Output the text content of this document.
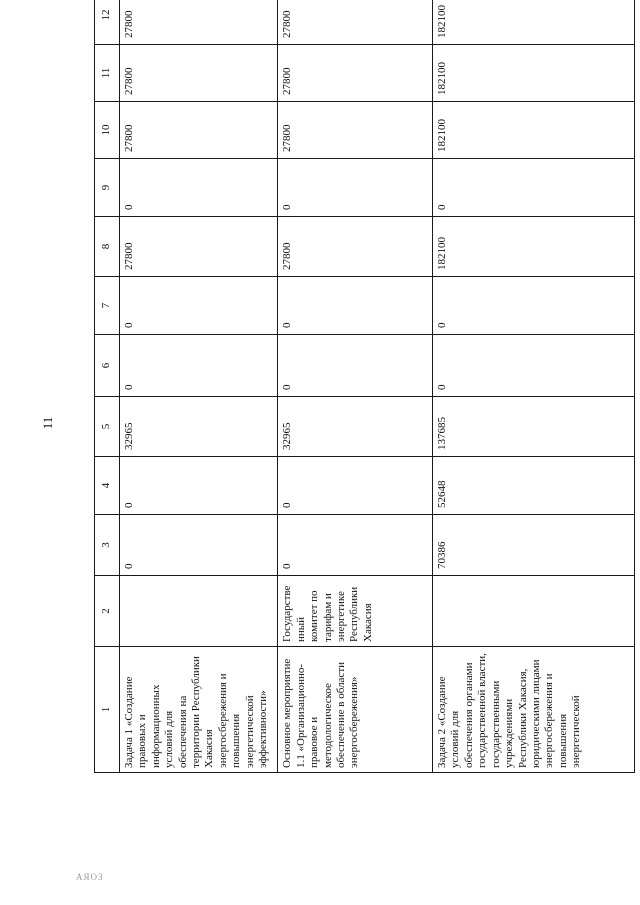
11
1	2	3	4	5	6	7	8	9	10	11	12
Задача 1 «Создание правовых и информационных условий для обеспечения на территории Республики Хакасия энергосбережения и повышения энергетической эффективности»		0	0	32965	0	0	27800	0	27800	27800	27800
Основное мероприятие 1.1 «Организационно-правовое и методологическое обеспечение в области энергосбережения»	Государственный комитет по тарифам и энергетике Республики Хакасия	0	0	32965	0	0	27800	0	27800	27800	27800
Задача 2 «Создание условий для обеспечения органами государственной власти, государственными учреждениями Республики Хакасия, юридическими лицами энергосбережения и повышения энергетической		70386	52648	137685	0	0	182100	0	182100	182100	182100
АЯОЗ
